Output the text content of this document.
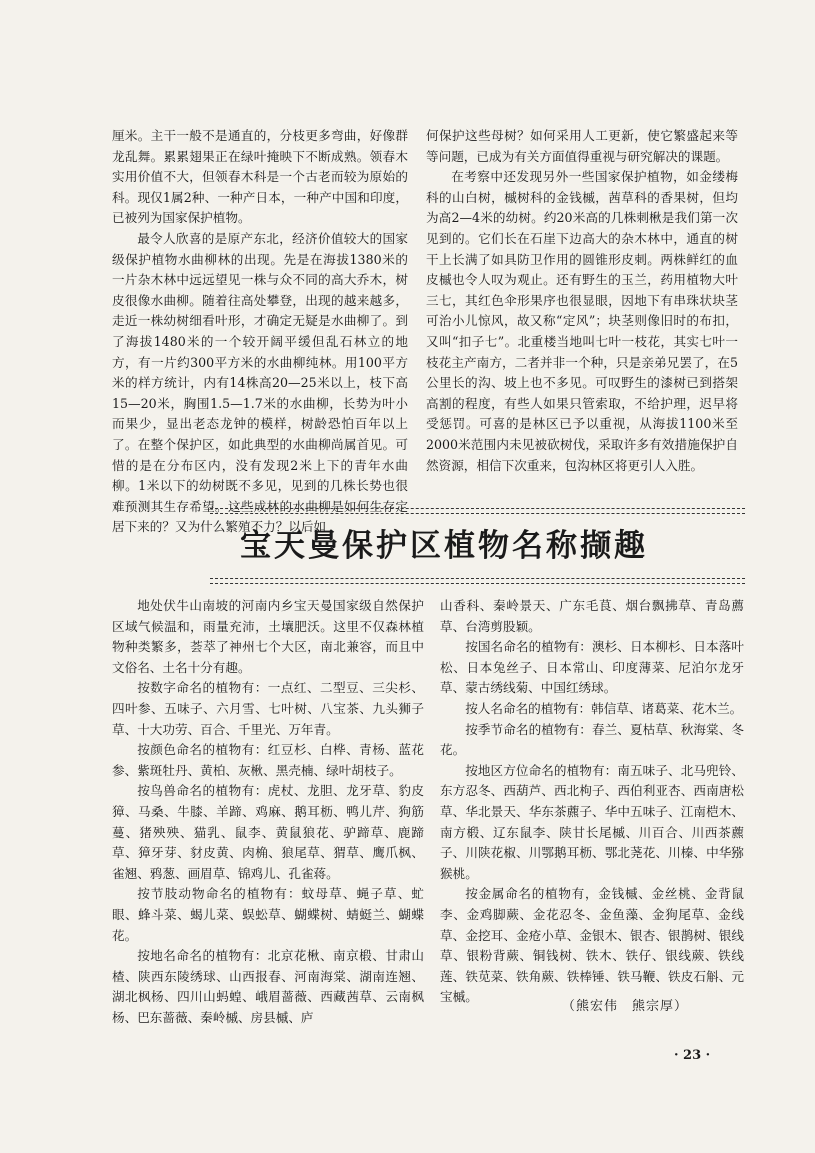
厘米。主干一般不是通直的，分枝更多弯曲，好像群龙乱舞。累累翅果正在绿叶掩映下不断成熟。领春木实用价值不大，但领春木科是一个古老而较为原始的科。现仅1属2种、一种产日本，一种产中国和印度，已被列为国家保护植物。

最令人欣喜的是原产东北，经济价值较大的国家级保护植物水曲柳林的出现。先是在海拔1380米的一片杂木林中远远望见一株与众不同的高大乔木，树皮很像水曲柳。随着往高处攀登，出现的越来越多，走近一株幼树细看叶形，才确定无疑是水曲柳了。到了海拔1480米的一个较开阔平缓但乱石林立的地方，有一片约300平方米的水曲柳纯林。用100平方米的样方统计，内有14株高20—25米以上，枝下高15—20米，胸围1.5—1.7米的水曲柳，长势为叶小而果少，显出老态龙钟的模样，树龄恐怕百年以上了。在整个保护区，如此典型的水曲柳尚属首见。可惜的是在分布区内，没有发现2米上下的青年水曲柳。1米以下的幼树既不多见，见到的几株长势也很难预测其生存希望。这些成林的水曲柳是如何生存定居下来的？又为什么繁殖不力？以后如

何保护这些母树？如何采用人工更新，使它繁盛起来等等问题，已成为有关方面值得重视与研究解决的课题。

在考察中还发现另外一些国家保护植物，如金缕梅科的山白树，槭树科的金钱槭，茜草科的香果树，但均为高2—4米的幼树。约20米高的几株刺楸是我们第一次见到的。它们长在石崖下边高大的杂木林中，通直的树干上长满了如具防卫作用的圆锥形皮刺。两株鲜红的血皮槭也令人叹为观止。还有野生的玉兰，药用植物大叶三七，其红色伞形果序也很显眼，因地下有串珠状块茎可治小儿惊风，故又称“定风”；块茎则像旧时的布扣，又叫“扣子七”。北重楼当地叫七叶一枝花，其实七叶一枝花主产南方，二者并非一个种，只是亲弟兄罢了，在5公里长的沟、坡上也不多见。可叹野生的漆树已到搭架高割的程度，有些人如果只管索取，不给护理，迟早将受惩罚。可喜的是林区已予以重视，从海拔1100米至2000米范围内未见被砍树伐，采取许多有效措施保护自然资源，相信下次重来，包沟林区将更引人入胜。

宝天曼保护区植物名称撷趣

地处伏牛山南坡的河南内乡宝天曼国家级自然保护区域气候温和，雨量充沛，土壤肥沃。这里不仅森林植物种类繁多，荟萃了神州七个大区，南北兼容，而且中文俗名、土名十分有趣。

按数字命名的植物有：一点红、二型豆、三尖杉、四叶参、五味子、六月雪、七叶树、八宝茶、九头狮子草、十大功劳、百合、千里光、万年青。

按颜色命名的植物有：红豆杉、白桦、青杨、蓝花参、紫斑牡丹、黄柏、灰楸、黑壳楠、绿叶胡枝子。

按鸟兽命名的植物有：虎杖、龙胆、龙牙草、豹皮獐、马桑、牛膝、羊蹄、鸡麻、鹅耳枥、鸭儿芹、狗筋蔓、猪殃殃、猫乳、鼠李、黄鼠狼花、驴蹄草、鹿蹄草、獐牙芽、豺皮黄、肉桷、狼尾草、猬草、鹰爪枫、雀翘、鸦葱、画眉草、锦鸡儿、孔雀蒋。

按节肢动物命名的植物有：蚊母草、蝇子草、虻眼、蜂斗菜、蝎儿菜、蜈蚣草、蝴蝶树、蜻蜓兰、蝴蝶花。

按地名命名的植物有：北京花楸、南京椴、甘肃山楂、陕西东陵绣球、山西报春、河南海棠、湖南连翘、湖北枫杨、四川山蚂蝗、峨眉蔷薇、西藏茜草、云南枫杨、巴东蔷薇、秦岭槭、房县槭、庐

山香科、秦岭景天、广东毛茛、烟台飘拂草、青岛薦草、台湾剪股颖。

按国名命名的植物有：澳杉、日本柳杉、日本落叶松、日本兔丝子、日本常山、印度薄菜、尼泊尔龙牙草、蒙古绣线菊、中国红绣球。

按人名命名的植物有：韩信草、诸葛菜、花木兰。

按季节命名的植物有：春兰、夏枯草、秋海棠、冬花。

按地区方位命名的植物有：南五味子、北马兜铃、东方忍冬、西葫芦、西北枸子、西伯利亚杏、西南唐松草、华北景天、华东茶藨子、华中五味子、江南桤木、南方椴、辽东鼠李、陕甘长尾槭、川百合、川西茶藨子、川陕花椒、川鄂鹅耳枥、鄂北荛花、川榛、中华猕猴桃。

按金属命名的植物有，金钱槭、金丝桃、金背鼠李、金鸡脚蕨、金花忍冬、金鱼藻、金狗尾草、金线草、金挖耳、金疮小草、金银木、银杏、银鹊树、银线草、银粉背蕨、铜钱树、铁木、铁仔、银线蕨、铁线莲、铁苋菜、铁角蕨、铁棒锤、铁马鞭、铁皮石斛、元宝槭。

（熊宏伟　熊宗厚）
· 23 ·
